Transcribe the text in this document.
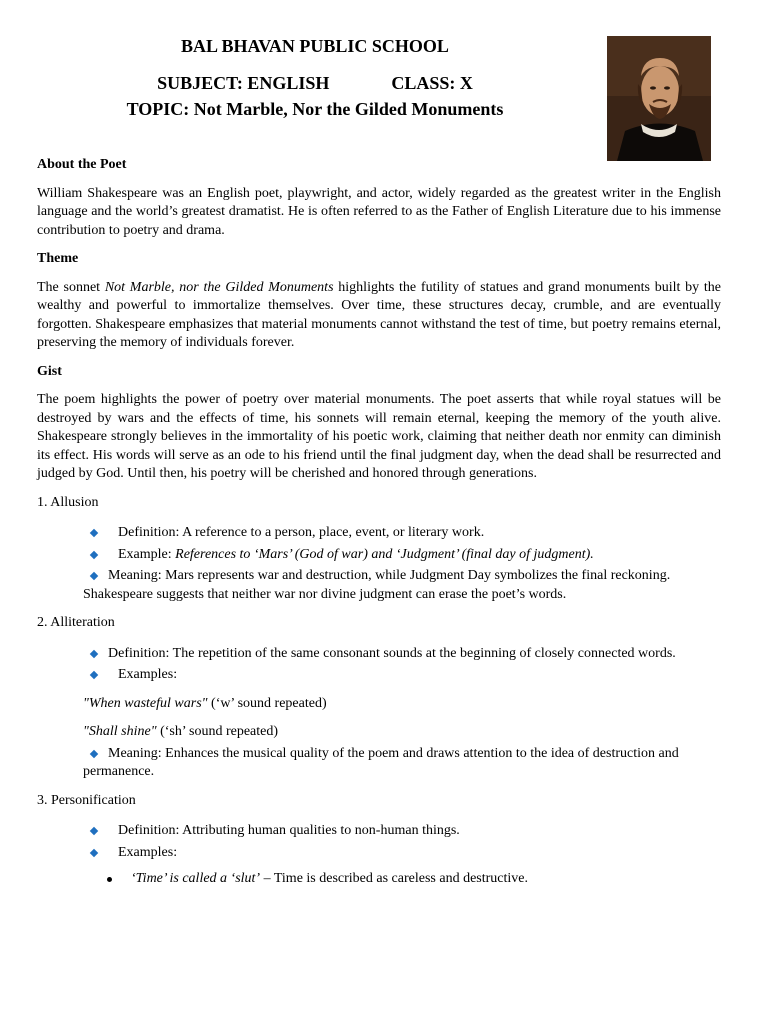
BAL BHAVAN PUBLIC SCHOOL
SUBJECT: ENGLISH	CLASS: X
TOPIC: Not Marble, Nor the Gilded Monuments
About the Poet
William Shakespeare was an English poet, playwright, and actor, widely regarded as the greatest writer in the English language and the world’s greatest dramatist. He is often referred to as the Father of English Literature due to his immense contribution to poetry and drama.
Theme
The sonnet Not Marble, nor the Gilded Monuments highlights the futility of statues and grand monuments built by the wealthy and powerful to immortalize themselves. Over time, these structures decay, crumble, and are eventually forgotten. Shakespeare emphasizes that material monuments cannot withstand the test of time, but poetry remains eternal, preserving the memory of individuals forever.
Gist
The poem highlights the power of poetry over material monuments. The poet asserts that while royal statues will be destroyed by wars and the effects of time, his sonnets will remain eternal, keeping the memory of the youth alive. Shakespeare strongly believes in the immortality of his poetic work, claiming that neither death nor enmity can diminish its effect. His words will serve as an ode to his friend until the final judgment day, when the dead shall be resurrected and judged by God. Until then, his poetry will be cherished and honored through generations.
1. Allusion
Definition: A reference to a person, place, event, or literary work.
Example: References to ‘Mars’ (God of war) and ‘Judgment’ (final day of judgment).
Meaning: Mars represents war and destruction, while Judgment Day symbolizes the final reckoning. Shakespeare suggests that neither war nor divine judgment can erase the poet’s words.
2. Alliteration
Definition: The repetition of the same consonant sounds at the beginning of closely connected words.
Examples:
"When wasteful wars" (‘w’ sound repeated)
"Shall shine" (‘sh’ sound repeated)
Meaning: Enhances the musical quality of the poem and draws attention to the idea of destruction and permanence.
3. Personification
Definition: Attributing human qualities to non-human things.
Examples:
‘Time’ is called a ‘slut’ – Time is described as careless and destructive.
